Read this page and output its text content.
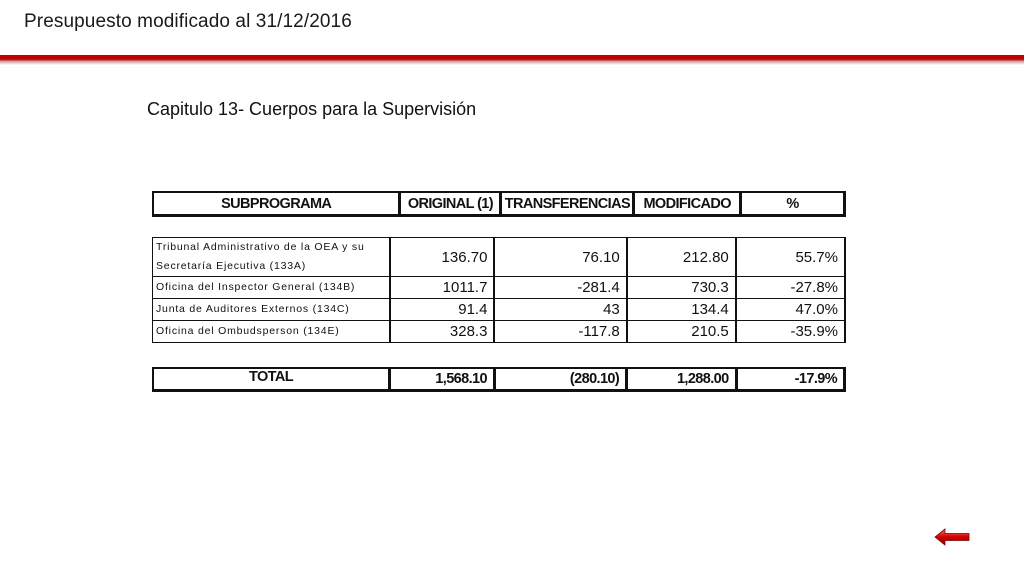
Presupuesto modificado al 31/12/2016
Capitulo 13- Cuerpos para la Supervisión
SUBPROGRAMA	ORIGINAL (1)	TRANSFERENCIAS	MODIFICADO	%
Tribunal Administrativo de la OEA y su Secretaría Ejecutiva (133A)	136.70	76.10	212.80	55.7%
Oficina del Inspector General (134B)	1011.7	-281.4	730.3	-27.8%
Junta de Auditores Externos (134C)	91.4	43	134.4	47.0%
Oficina del Ombudsperson (134E)	328.3	-117.8	210.5	-35.9%
TOTAL	1,568.10	(280.10)	1,288.00	-17.9%
